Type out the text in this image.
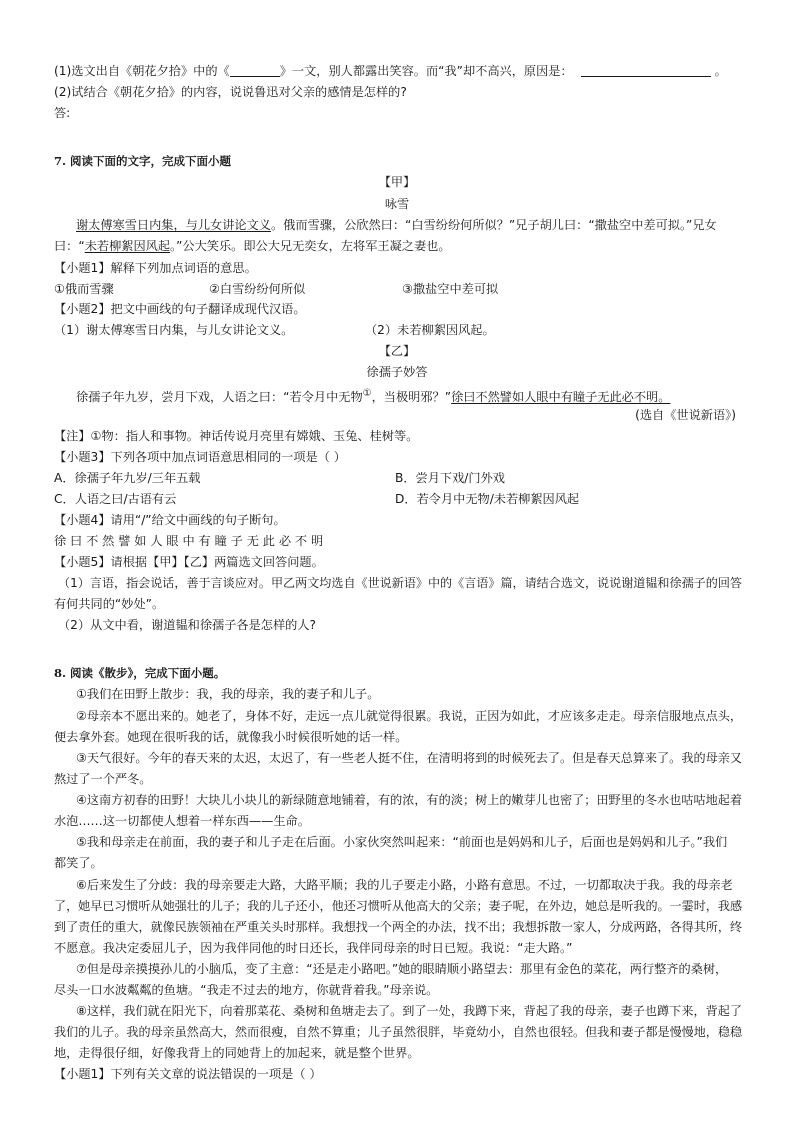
(1)选文出自《朝花夕拾》中的《	》一文，别人都露出笑容。而“我”却不高兴，原因是：	。
(2)试结合《朝花夕拾》的内容，说说鲁迅对父亲的感情是怎样的?
答:
7. 阅读下面的文字，完成下面小题
【甲】
咏雪
谢太傅寒雪日内集，与儿女讲论文义。俄而雪骤，公欣然曰：“白雪纷纷何所似？”兄子胡儿曰：“撒盐空中差可拟。”兄女
曰：“未若柳絮因风起。”公大笑乐。即公大兄无奕女，左将军王凝之妻也。
【小题1】解释下列加点词语的意思。
①俄而雪骤	②白雪纷纷何所似	③撒盐空中差可拟
【小题2】把文中画线的句子翻译成现代汉语。
（1）谢太傅寒雪日内集，与儿女讲论文义。	（2）未若柳絮因风起。
【乙】
徐孺子妙答
徐孺子年九岁，尝月下戏，人语之曰：“若令月中无物①，当极明邪？”徐曰不然譬如人眼中有瞳子无此必不明。
(选自《世说新语》)
【注】①物：指人和事物。神话传说月亮里有嫦娥、玉兔、桂树等。
【小题3】下列各项中加点词语意思相同的一项是（ ）
A．徐孺子年九岁/三年五载	B．尝月下戏/门外戏
C．人语之曰/古语有云	D．若令月中无物/未若柳絮因风起
【小题4】请用“/”给文中画线的句子断句。
徐 曰 不 然 譬 如 人 眼 中 有 瞳 子 无 此 必 不 明
【小题5】请根据【甲】【乙】两篇选文回答问题。
（1）言语，指会说话，善于言谈应对。甲乙两文均选自《世说新语》中的《言语》篇，请结合选文，说说谢道韫和徐孺子的回答
有何共同的“妙处”。
（2）从文中看，谢道韫和徐孺子各是怎样的人?
8. 阅读《散步》，完成下面小题。
①我们在田野上散步：我，我的母亲，我的妻子和儿子。
②母亲本不愿出来的。她老了，身体不好，走远一点儿就觉得很累。我说，正因为如此，才应该多走走。母亲信服地点点头，
便去拿外套。她现在很听我的话，就像我小时候很听她的话一样。
③天气很好。今年的春天来的太迟，太迟了，有一些老人挺不住，在清明将到的时候死去了。但是春天总算来了。我的母亲又
熬过了一个严冬。
④这南方初春的田野！大块儿小块儿的新绿随意地铺着，有的浓，有的淡；树上的嫩芽儿也密了；田野里的冬水也咕咕地起着
水泡……这一切都使人想着一样东西——生命。
⑤我和母亲走在前面，我的妻子和儿子走在后面。小家伙突然叫起来：“前面也是妈妈和儿子，后面也是妈妈和儿子。”我们
都笑了。
⑥后来发生了分歧：我的母亲要走大路，大路平顺；我的儿子要走小路，小路有意思。不过，一切都取决于我。我的母亲老
了，她早已习惯听从她强壮的儿子；我的儿子还小，他还习惯听从他高大的父亲；妻子呢，在外边，她总是听我的。一霎时，我感
到了责任的重大，就像民族领袖在严重关头时那样。我想找一个两全的办法，找不出；我想拆散一家人，分成两路，各得其所，终
不愿意。我决定委屈儿子，因为我伴同他的时日还长，我伴同母亲的时日已短。我说：“走大路。”
⑦但是母亲摸摸孙儿的小脑瓜，变了主意：“还是走小路吧。”她的眼睛顺小路望去：那里有金色的菜花，两行整齐的桑树，
尽头一口水波粼粼的鱼塘。“我走不过去的地方，你就背着我。”母亲说。
⑧这样，我们就在阳光下，向着那菜花、桑树和鱼塘走去了。到了一处，我蹲下来，背起了我的母亲，妻子也蹲下来，背起了
我们的儿子。我的母亲虽然高大，然而很瘦，自然不算重；儿子虽然很胖，毕竟幼小，自然也很轻。但我和妻子都是慢慢地，稳稳
地，走得很仔细，好像我背上的同她背上的加起来，就是整个世界。
【小题1】下列有关文章的说法错误的一项是（ ）
